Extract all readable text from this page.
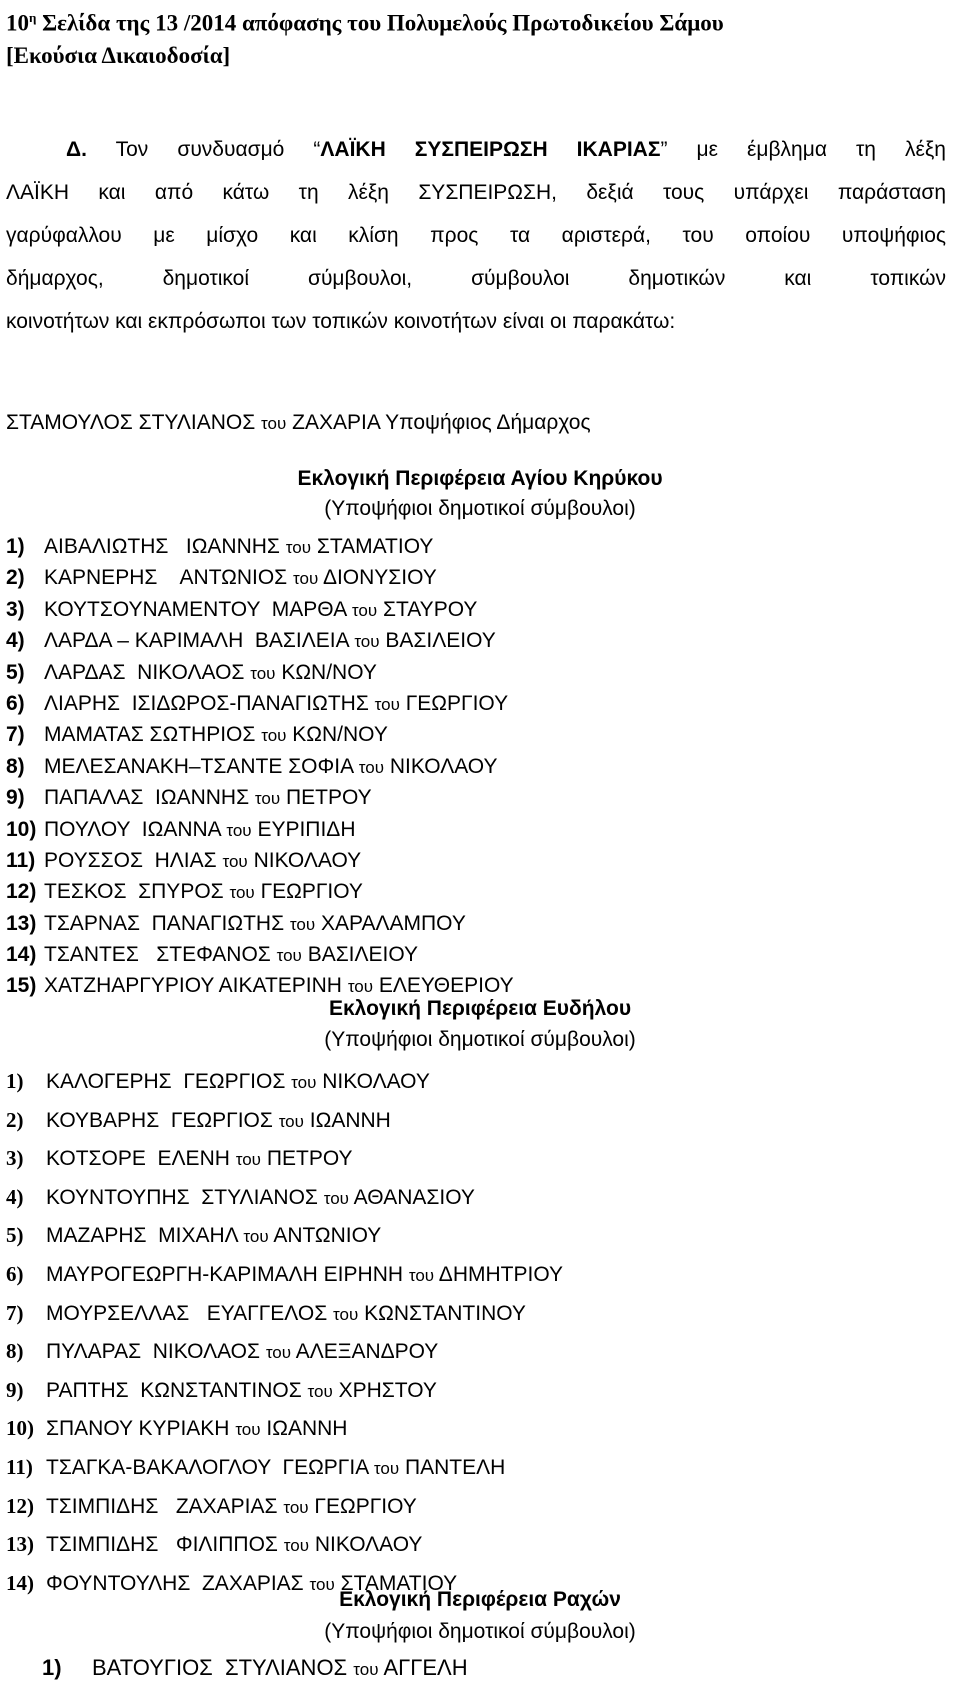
$10^\eta$ Σελίδα της 13 /2014 απόφασης του Πολυμελούς Πρωτοδικείου Σάμου
[Εκούσια Δικαιοδοσία]
Δ. Τον συνδυασμό “ΛΑΪΚΗ ΣΥΣΠΕΙΡΩΣΗ ΙΚΑΡΙΑΣ” με έμβλημα τη λέξη
ΛΑΪΚΗ και από κάτω τη λέξη ΣΥΣΠΕΙΡΩΣΗ, δεξιά τους υπάρχει παράσταση
γαρύφαλλου με μίσχο και κλίση προς τα αριστερά, του οποίου υποψήφιος
δήμαρχος, δημοτικοί σύμβουλοι, σύμβουλοι δημοτικών και τοπικών
κοινοτήτων και εκπρόσωποι των τοπικών κοινοτήτων είναι οι παρακάτω:
ΣΤΑΜΟΥΛΟΣ ΣΤΥΛΙΑΝΟΣ του ΖΑΧΑΡΙΑ Υποψήφιος Δήμαρχος
Εκλογική Περιφέρεια Αγίου Κηρύκου
(Υποψήφιοι δημοτικοί σύμβουλοι)
1) ΑΙΒΑΛΙΩΤΗΣ   ΙΩΑΝΝΗΣ του ΣΤΑΜΑΤΙΟΥ
2) ΚΑΡΝΕΡΗΣ    ΑΝΤΩΝΙΟΣ του ΔΙΟΝΥΣΙΟΥ
3) ΚΟΥΤΣΟΥΝΑΜΕΝΤΟΥ  ΜΑΡΘΑ του ΣΤΑΥΡΟΥ
4) ΛΑΡΔΑ – ΚΑΡΙΜΑΛΗ  ΒΑΣΙΛΕΙΑ του ΒΑΣΙΛΕΙΟΥ
5) ΛΑΡΔΑΣ  ΝΙΚΟΛΑΟΣ του ΚΩΝ/ΝΟΥ
6) ΛΙΑΡΗΣ  ΙΣΙΔΩΡΟΣ-ΠΑΝΑΓΙΩΤΗΣ του ΓΕΩΡΓΙΟΥ
7) ΜΑΜΑΤΑΣ ΣΩΤΗΡΙΟΣ του ΚΩΝ/ΝΟΥ
8) ΜΕΛΕΣΑΝΑΚΗ–ΤΣΑΝΤΕ ΣΟΦΙΑ του ΝΙΚΟΛΑΟΥ
9) ΠΑΠΑΛΑΣ  ΙΩΑΝΝΗΣ του ΠΕΤΡΟΥ
10) ΠΟΥΛΟΥ  ΙΩΑΝΝΑ του ΕΥΡΙΠΙΔΗ
11) ΡΟΥΣΣΟΣ  ΗΛΙΑΣ του ΝΙΚΟΛΑΟΥ
12) ΤΕΣΚΟΣ  ΣΠΥΡΟΣ του ΓΕΩΡΓΙΟΥ
13) ΤΣΑΡΝΑΣ  ΠΑΝΑΓΙΩΤΗΣ του ΧΑΡΑΛΑΜΠΟΥ
14) ΤΣΑΝΤΕΣ   ΣΤΕΦΑΝΟΣ του ΒΑΣΙΛΕΙΟΥ
15) ΧΑΤΖΗΑΡΓΥΡΙΟΥ ΑΙΚΑΤΕΡΙΝΗ του ΕΛΕΥΘΕΡΙΟΥ
Εκλογική Περιφέρεια Ευδήλου
(Υποψήφιοι δημοτικοί σύμβουλοι)
1) ΚΑΛΟΓΕΡΗΣ  ΓΕΩΡΓΙΟΣ του ΝΙΚΟΛΑΟΥ
2) ΚΟΥΒΑΡΗΣ  ΓΕΩΡΓΙΟΣ του ΙΩΑΝΝΗ
3) ΚΟΤΣΟΡΕ  ΕΛΕΝΗ του ΠΕΤΡΟΥ
4) ΚΟΥΝΤΟΥΠΗΣ  ΣΤΥΛΙΑΝΟΣ του ΑΘΑΝΑΣΙΟΥ
5) ΜΑΖΑΡΗΣ  ΜΙΧΑΗΛ του ΑΝΤΩΝΙΟΥ
6) ΜΑΥΡΟΓΕΩΡΓΗ-ΚΑΡΙΜΑΛΗ ΕΙΡΗΝΗ του ΔΗΜΗΤΡΙΟΥ
7) ΜΟΥΡΣΕΛΛΑΣ   ΕΥΑΓΓΕΛΟΣ του ΚΩΝΣΤΑΝΤΙΝΟΥ
8) ΠΥΛΑΡΑΣ  ΝΙΚΟΛΑΟΣ του ΑΛΕΞΑΝΔΡΟΥ
9) ΡΑΠΤΗΣ  ΚΩΝΣΤΑΝΤΙΝΟΣ του ΧΡΗΣΤΟΥ
10) ΣΠΑΝΟΥ ΚΥΡΙΑΚΗ του ΙΩΑΝΝΗ
11) ΤΣΑΓΚΑ-ΒΑΚΑΛΟΓΛΟΥ  ΓΕΩΡΓΙΑ του ΠΑΝΤΕΛΗ
12) ΤΣΙΜΠΙΔΗΣ   ΖΑΧΑΡΙΑΣ του ΓΕΩΡΓΙΟΥ
13) ΤΣΙΜΠΙΔΗΣ   ΦΙΛΙΠΠΟΣ του ΝΙΚΟΛΑΟΥ
14) ΦΟΥΝΤΟΥΛΗΣ  ΖΑΧΑΡΙΑΣ του ΣΤΑΜΑΤΙΟΥ
Εκλογική Περιφέρεια Ραχών
(Υποψήφιοι δημοτικοί σύμβουλοι)
1) ΒΑΤΟΥΓΙΟΣ  ΣΤΥΛΙΑΝΟΣ του ΑΓΓΕΛΗ
